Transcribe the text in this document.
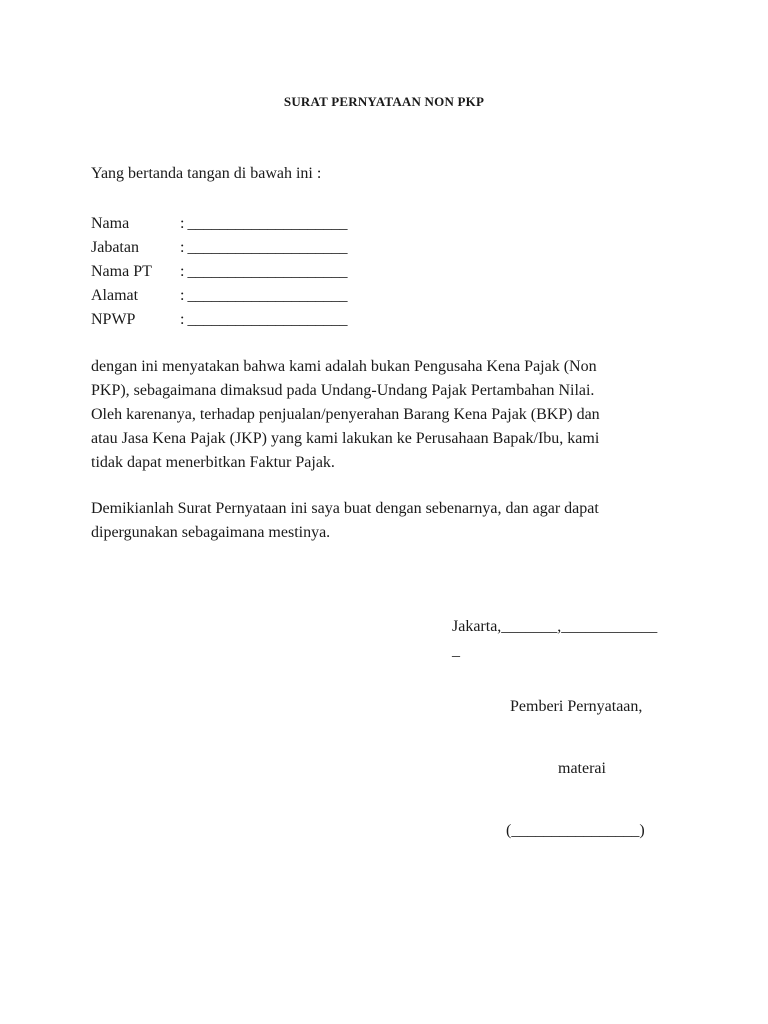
SURAT PERNYATAAN NON PKP
Yang bertanda tangan di bawah ini :
Nama	: ____________________
Jabatan	: ____________________
Nama PT : ____________________
Alamat	: ____________________
NPWP	: ____________________

dengan ini menyatakan bahwa kami adalah bukan Pengusaha Kena Pajak (Non

PKP), sebagaimana dimaksud pada Undang-Undang Pajak Pertambahan Nilai.

Oleh karenanya, terhadap penjualan/penyerahan Barang Kena Pajak (BKP) dan

atau Jasa Kena Pajak (JKP) yang kami lakukan ke Perusahaan Bapak/Ibu, kami

tidak dapat menerbitkan Faktur Pajak.

Demikianlah Surat Pernyataan ini saya buat dengan sebenarnya, dan agar dapat

dipergunakan sebagaimana mestinya.

Jakarta,_______,____________
_
Pemberi Pernyataan,
materai
(________________)
